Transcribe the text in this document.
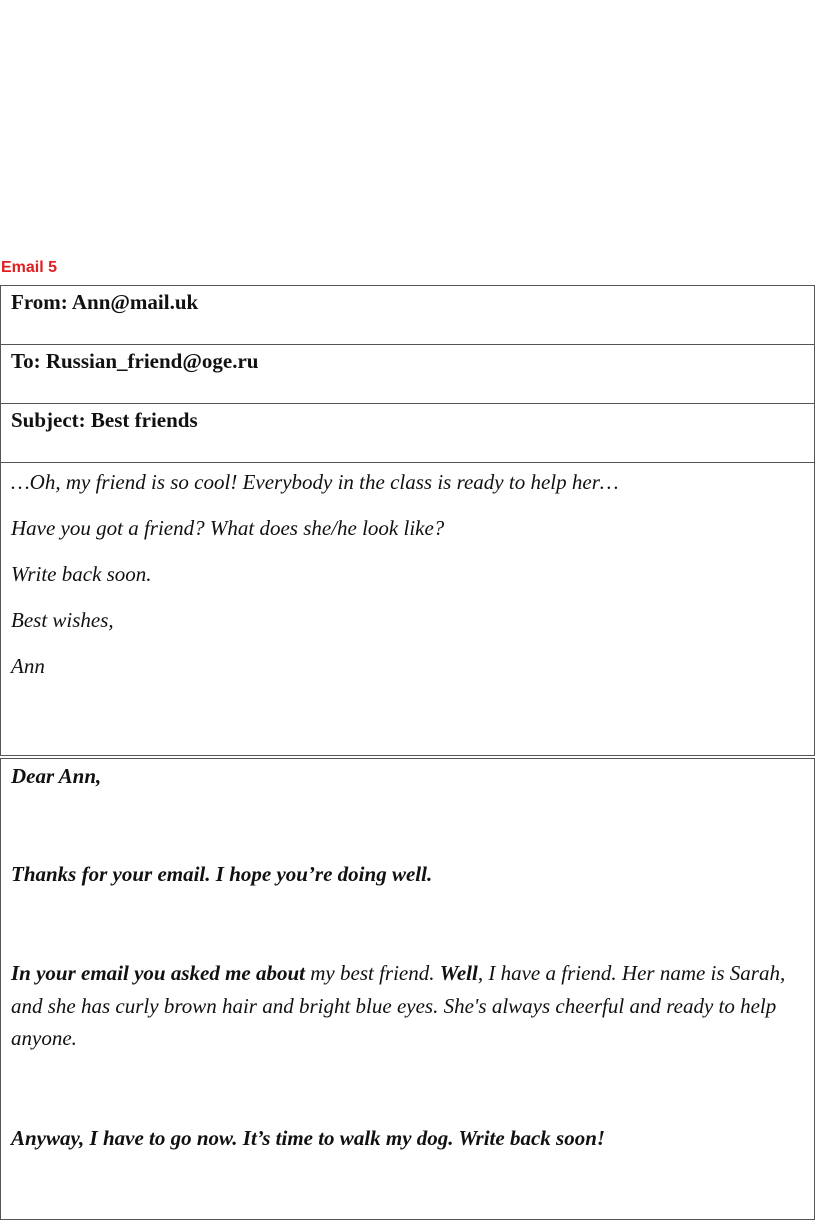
Email 5
From: Ann@mail.uk
To: Russian_friend@oge.ru
Subject: Best friends

…Oh, my friend is so cool! Everybody in the class is ready to help her…

Have you got a friend? What does she/he look like?

Write back soon.

Best wishes,

Ann

Dear Ann,

Thanks for your email. I hope you’re doing well.

In your email you asked me about my best friend. Well, I have a friend. Her name is Sarah, and she has curly brown hair and bright blue eyes. She's always cheerful and ready to help anyone.

Anyway, I have to go now. It’s time to walk my dog. Write back soon!
